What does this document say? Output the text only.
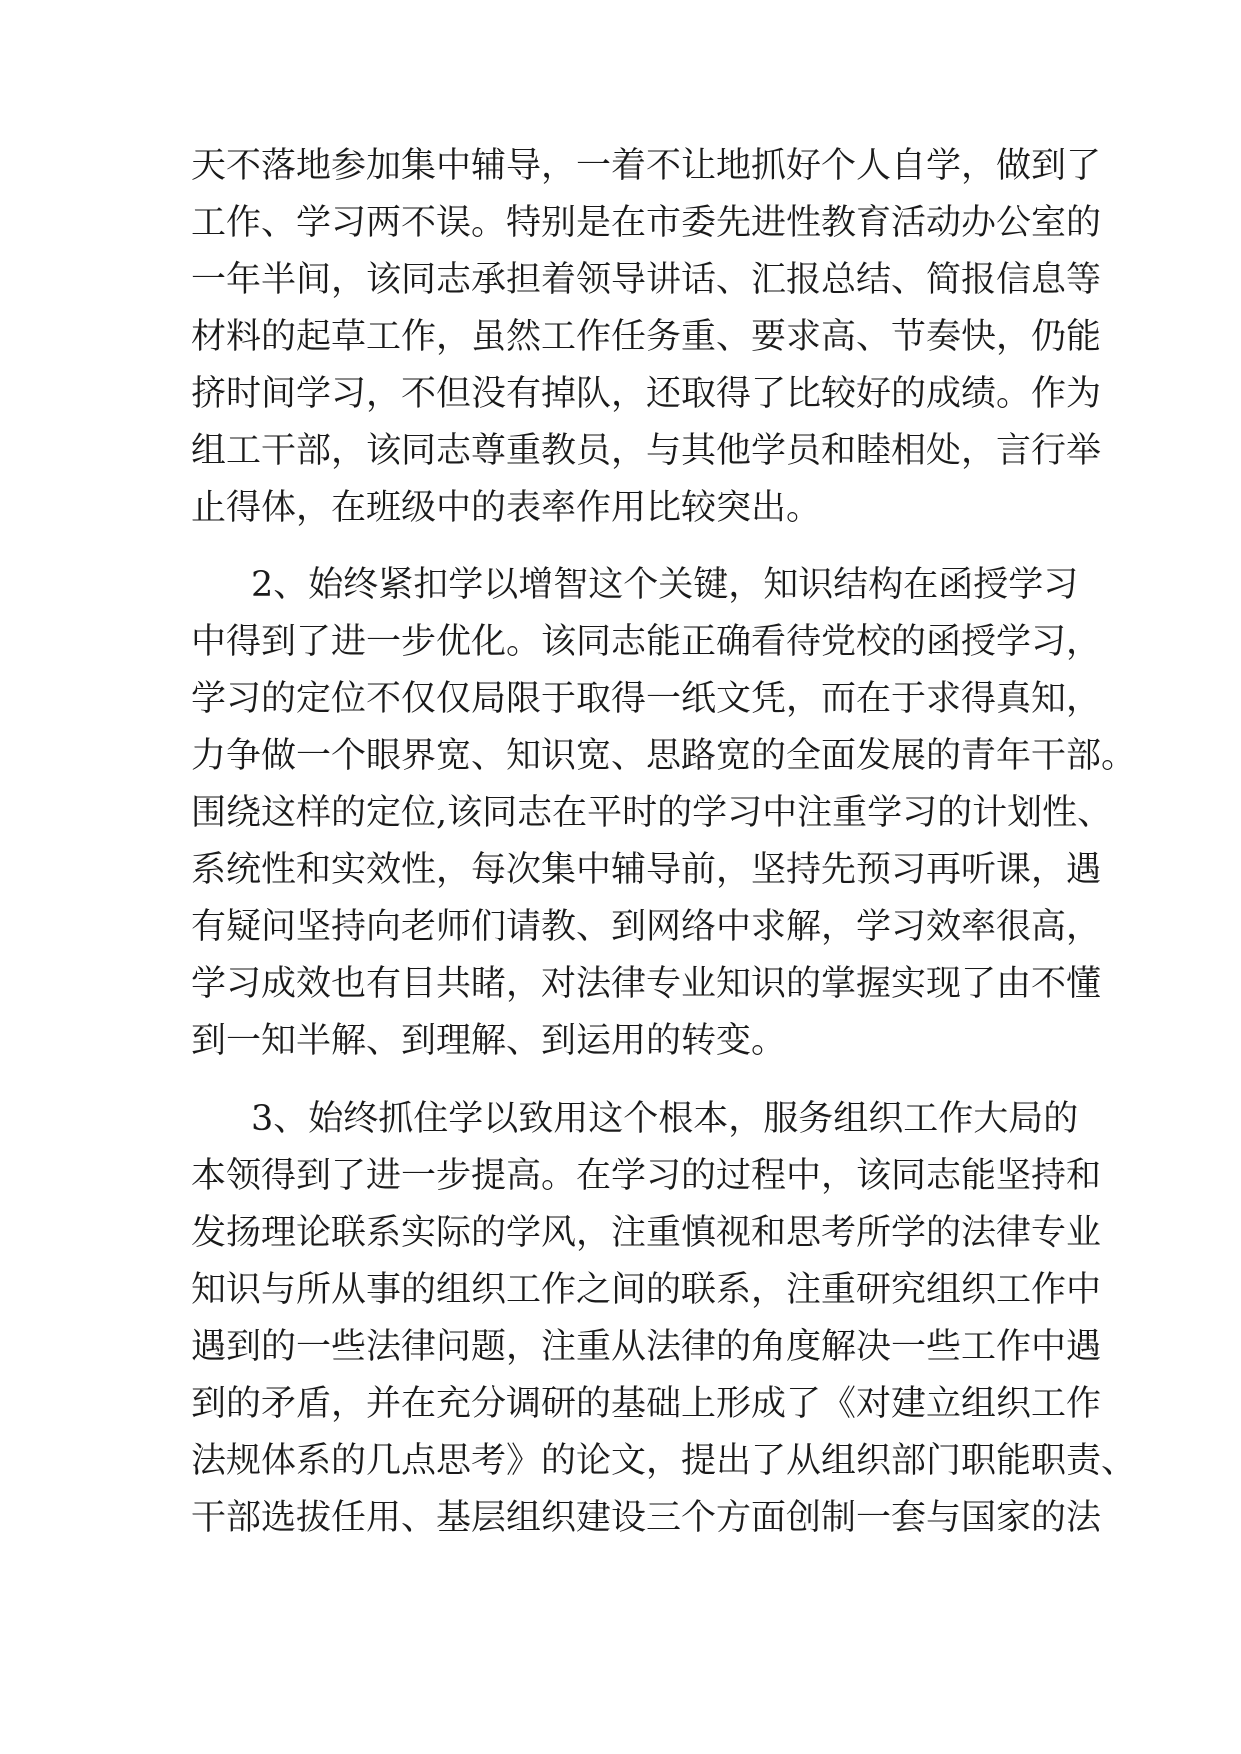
天不落地参加集中辅导，一着不让地抓好个人自学，做到了

工作、学习两不误。特别是在市委先进性教育活动办公室的

一年半间，该同志承担着领导讲话、汇报总结、简报信息等

材料的起草工作，虽然工作任务重、要求高、节奏快，仍能

挤时间学习，不但没有掉队，还取得了比较好的成绩。作为

组工干部，该同志尊重教员，与其他学员和睦相处，言行举

止得体，在班级中的表率作用比较突出。

2、始终紧扣学以增智这个关键，知识结构在函授学习

中得到了进一步优化。该同志能正确看待党校的函授学习，

学习的定位不仅仅局限于取得一纸文凭，而在于求得真知，

力争做一个眼界宽、知识宽、思路宽的全面发展的青年干部。

围绕这样的定位,该同志在平时的学习中注重学习的计划性、

系统性和实效性，每次集中辅导前，坚持先预习再听课，遇

有疑问坚持向老师们请教、到网络中求解，学习效率很高，

学习成效也有目共睹，对法律专业知识的掌握实现了由不懂

到一知半解、到理解、到运用的转变。

3、始终抓住学以致用这个根本，服务组织工作大局的

本领得到了进一步提高。在学习的过程中，该同志能坚持和

发扬理论联系实际的学风，注重慎视和思考所学的法律专业

知识与所从事的组织工作之间的联系，注重研究组织工作中

遇到的一些法律问题，注重从法律的角度解决一些工作中遇

到的矛盾，并在充分调研的基础上形成了《对建立组织工作

法规体系的几点思考》的论文，提出了从组织部门职能职责、

干部选拔任用、基层组织建设三个方面创制一套与国家的法
